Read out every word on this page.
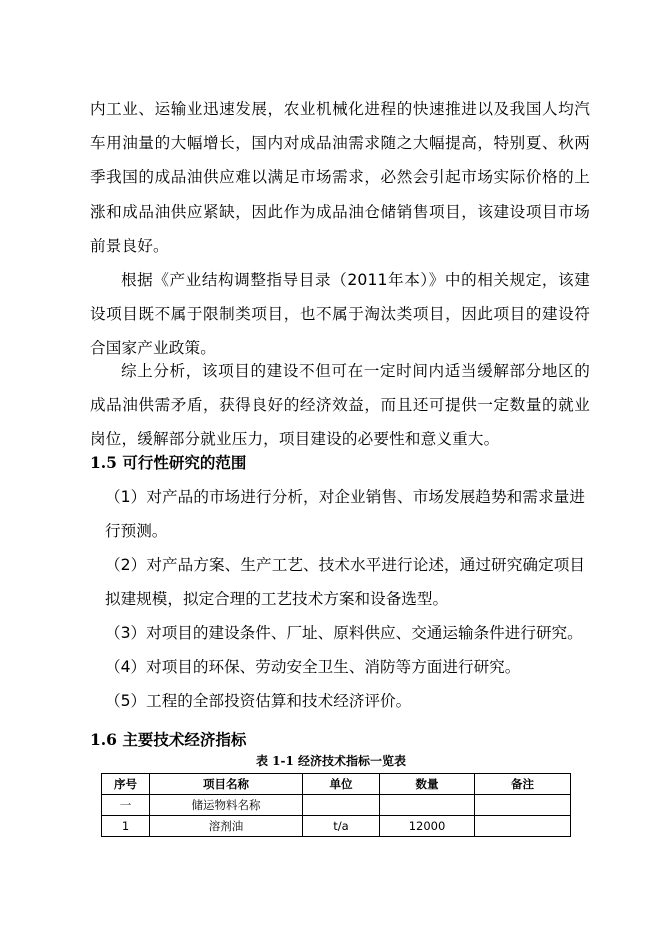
内工业、运输业迅速发展，农业机械化进程的快速推进以及我国人均汽车用油量的大幅增长，国内对成品油需求随之大幅提高，特别夏、秋两季我国的成品油供应难以满足市场需求，必然会引起市场实际价格的上涨和成品油供应紧缺，因此作为成品油仓储销售项目，该建设项目市场前景良好。

根据《产业结构调整指导目录（2011年本）》中的相关规定，该建设项目既不属于限制类项目，也不属于淘汰类项目，因此项目的建设符合国家产业政策。

综上分析，该项目的建设不但可在一定时间内适当缓解部分地区的成品油供需矛盾，获得良好的经济效益，而且还可提供一定数量的就业岗位，缓解部分就业压力，项目建设的必要性和意义重大。

1.5 可行性研究的范围

（1）对产品的市场进行分析，对企业销售、市场发展趋势和需求量进行预测。

（2）对产品方案、生产工艺、技术水平进行论述，通过研究确定项目拟建规模，拟定合理的工艺技术方案和设备选型。

（3）对项目的建设条件、厂址、原料供应、交通运输条件进行研究。

（4）对项目的环保、劳动安全卫生、消防等方面进行研究。

（5）工程的全部投资估算和技术经济评价。

1.6 主要技术经济指标

表 1-1 经济技术指标一览表

序号	项目名称	单位	数量	备注
一	储运物料名称			
1	溶剂油	t/a	12000	
